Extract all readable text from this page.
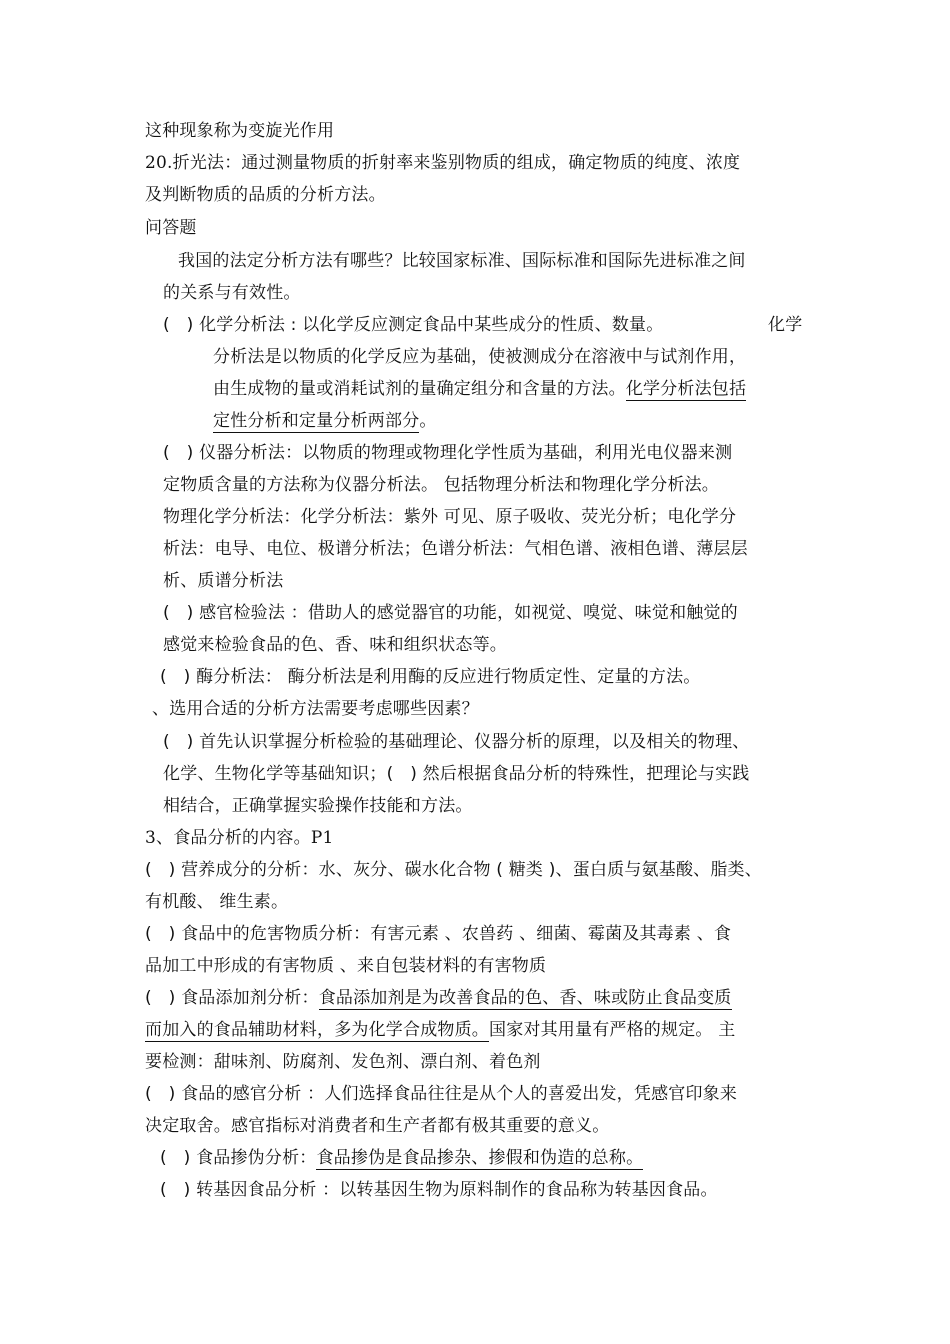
这种现象称为变旋光作用
20.折光法：通过测量物质的折射率来鉴别物质的组成，确定物质的纯度、浓度
及判断物质的品质的分析方法。
问答题
我国的法定分析方法有哪些？比较国家标准、国际标准和国际先进标准之间
的关系与有效性。
(   ) 化学分析法 : 以化学反应测定食品中某些成分的性质、数量。	化学
分析法是以物质的化学反应为基础，使被测成分在溶液中与试剂作用，
由生成物的量或消耗试剂的量确定组分和含量的方法。化学分析法包括
定性分析和定量分析两部分。
(   ) 仪器分析法：以物质的物理或物理化学性质为基础，利用光电仪器来测
定物质含量的方法称为仪器分析法。 包括物理分析法和物理化学分析法。
物理化学分析法：化学分析法：紫外 可见、原子吸收、荧光分析；电化学分
析法：电导、电位、极谱分析法；色谱分析法：气相色谱、液相色谱、薄层层
析、质谱分析法
(   ) 感官检验法 ：借助人的感觉器官的功能，如视觉、嗅觉、味觉和触觉的
感觉来检验食品的色、香、味和组织状态等。
(   ) 酶分析法： 酶分析法是利用酶的反应进行物质定性、定量的方法。
、选用合适的分析方法需要考虑哪些因素？
(   ) 首先认识掌握分析检验的基础理论、仪器分析的原理，以及相关的物理、
化学、生物化学等基础知识；(   ) 然后根据食品分析的特殊性，把理论与实践
相结合，正确掌握实验操作技能和方法。
3、食品分析的内容。P1
(   ) 营养成分的分析：水、灰分、碳水化合物 ( 糖类 )、蛋白质与氨基酸、脂类、
有机酸、 维生素。
(   ) 食品中的危害物质分析：有害元素 、农兽药 、细菌、霉菌及其毒素 、食
品加工中形成的有害物质 、来自包装材料的有害物质
(   ) 食品添加剂分析：食品添加剂是为改善食品的色、香、味或防止食品变质
而加入的食品辅助材料，多为化学合成物质。国家对其用量有严格的规定。 主
要检测：甜味剂、防腐剂、发色剂、漂白剂、着色剂
(   ) 食品的感官分析 ：人们选择食品往往是从个人的喜爱出发，凭感官印象来
决定取舍。感官指标对消费者和生产者都有极其重要的意义。
(   ) 食品掺伪分析：食品掺伪是食品掺杂、掺假和伪造的总称。
(   ) 转基因食品分析 ：以转基因生物为原料制作的食品称为转基因食品。
